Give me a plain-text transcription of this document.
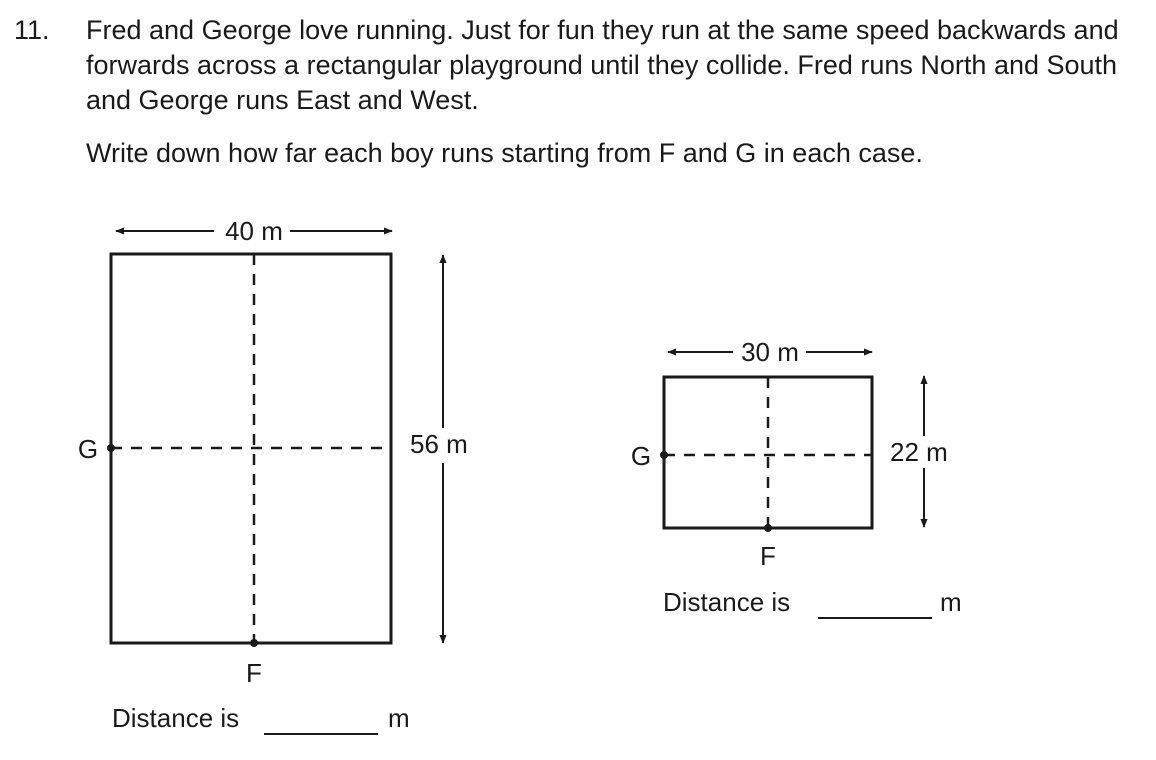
11. Fred and George love running. Just for fun they run at the same speed backwards and forwards across a rectangular playground until they collide. Fred runs North and South and George runs East and West.

Write down how far each boy runs starting from F and G in each case.

40 m
G
F
56 m
Distance is	m
30 m
G
F
22 m
Distance is	m
